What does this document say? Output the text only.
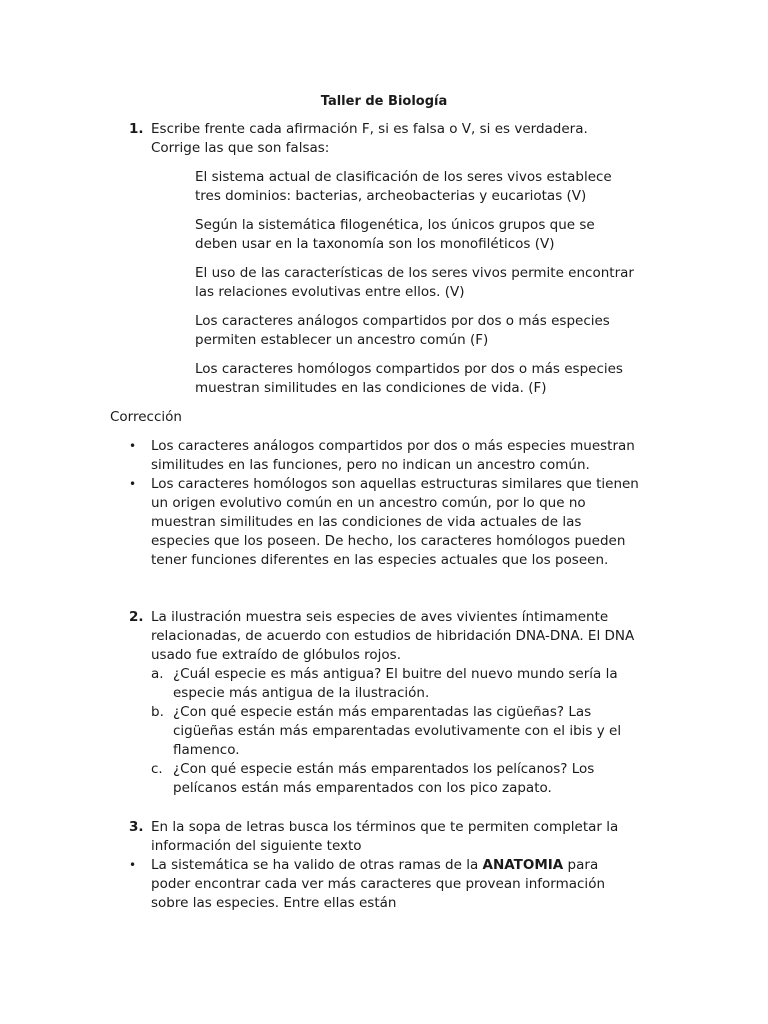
Taller de Biología
1. Escribe frente cada afirmación F, si es falsa o V, si es verdadera. Corrige las que son falsas:
El sistema actual de clasificación de los seres vivos establece tres dominios: bacterias, archeobacterias y eucariotas (V)
Según la sistemática filogenética, los únicos grupos que se deben usar en la taxonomía son los monofiléticos (V)
El uso de las características de los seres vivos permite encontrar las relaciones evolutivas entre ellos. (V)
Los caracteres análogos compartidos por dos o más especies permiten establecer un ancestro común (F)
Los caracteres homólogos compartidos por dos o más especies muestran similitudes en las condiciones de vida. (F)
Corrección
• Los caracteres análogos compartidos por dos o más especies muestran similitudes en las funciones, pero no indican un ancestro común.
• Los caracteres homólogos son aquellas estructuras similares que tienen un origen evolutivo común en un ancestro común, por lo que no muestran similitudes en las condiciones de vida actuales de las especies que los poseen. De hecho, los caracteres homólogos pueden tener funciones diferentes en las especies actuales que los poseen.
2. La ilustración muestra seis especies de aves vivientes íntimamente relacionadas, de acuerdo con estudios de hibridación DNA-DNA. El DNA usado fue extraído de glóbulos rojos.
a. ¿Cuál especie es más antigua? El buitre del nuevo mundo sería la especie más antigua de la ilustración.
b. ¿Con qué especie están más emparentadas las cigüeñas? Las cigüeñas están más emparentadas evolutivamente con el ibis y el flamenco.
c. ¿Con qué especie están más emparentados los pelícanos? Los pelícanos están más emparentados con los pico zapato.
3. En la sopa de letras busca los términos que te permiten completar la información del siguiente texto
• La sistemática se ha valido de otras ramas de la ANATOMIA para poder encontrar cada ver más caracteres que provean información sobre las especies. Entre ellas están
